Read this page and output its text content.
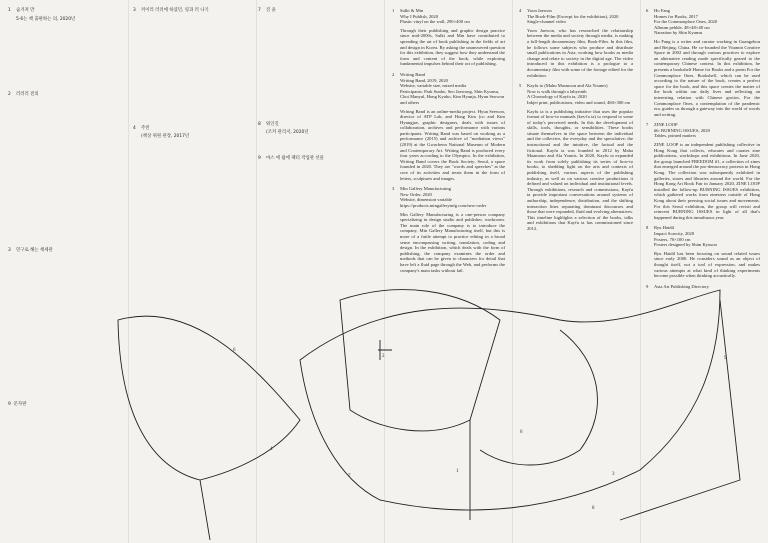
1 숨겨져 만
5-6는 책 출판하는 의, 2020년
2 러러러 전의
3 민구로 해는 책세관
3 커이러 러러에 하셨던, 링과 러 나기
4 주빈
(책상 위원 관장, 2017년
7 진 윤
8 워인길
(조커 관리저, 2020년
9 마스 에 팝에 팩터 작업관 선물
1 Sulki & Min
Why I Publish, 2020
Plastic vinyl on the wall, 290×400 cm
Through their publishing and graphic design practice since mid-2000s, Sulki and Min have contributed to spreading the art of book publishing in the fields of art and design in Korea. By asking the unanswered question for this exhibition, they suggest how they understand the form and content of the book, while exploring fundamental impulses behind their act of publishing.
2 Writing Band
Writing Band, 2019, 2020
Website, variable size, mixed media
Participants: Park Sunho, Seo Jaewong, Shin Kyunsu, Choi Manyul, Hong Kyuho, Kim Hyunja, Hyun Seowon and others
Writing Band is an online-media project. Hyun Seewon, director of ATP Lab, and Hong Kim (co and Kim Hyungjae, graphic designers, deals with issues of collaboration, archives and performance with various participants. Writing Band was based on working as a performance (2015) and archive of "mediation views" (2019) at the Gwacheon National Museum of Modern and Contemporary Art. Writing Band is produced every four years according to the Olympics. In the exhibition, Writing Band covers the Book Society; Seoul, a space founded in 2020. They are "words and speeches" at the core of its activities and treats them in the form of letters, sculptures and images.
3 Min Gallery Manufacturing
New Order, 2020
Website, dimension variable
https://products.mingallerymfg.com/new-order
Min Gallery Manufacturing is a one-person company specializing in design studio and publisher, workroom. The main role of the company is to introduce the company, Min Gallery Manufacturing itself, but this is more of a futile attempt to practice editing in a broad sense encompassing writing, translation, coding and design. In the exhibition, which deals with the form of publishing, the company examines the order and methods that can be given to characters for detail that have left a fluid page through the Web, and performs the company's main tasks without fail.
4 Yoon Jaewon
The Book-Film (Excerpt for the exhibition), 2020
Single-channel video
Yoon Jaewon, who has researched the relationship between the media and society through media, is making a full-length documentary film, Book-Film. In this film, he follows some subjects who produce and distribute small publications in Asia, working how books as media change and relate to society in the digital age. The video introduced in this exhibition is a prologue to a documentary film with some of the footage edited for the exhibition.
5 Kayfu to (Mahu Masmoon and Ala Younes)
Now is walk through a labyrinth
A Chronology of Kayfu ta, 2020
Inkjet print, publications, video and sound, 460×300 cm
Kayfu ta is a publishing initiative that uses the popular format of how-to manuals (kes-fa ta) to respond to some of today's perceived needs. In this the development of skills, tools, thoughts, or sensibilities. These books situate themselves in the space between the individual and the collective, the everyday and the speculative, the instructional and the intuitive, the factual and the fictional. Kayfu ta was founded in 2012 by Maha Maamoun and Ala Younis. In 2020, Kayfu ta expanded its work from solely publishing its series of how-to books, to shedding light on the arts and contexts of publishing itself, various aspects of the publishing industry, as well as on various creative productions it defined and valued on individual and institutional levels. Through exhibitions, research and commissions, Kayfu ta provide important conversations around systems of authorship, independence, distribution, and the shifting interaction lines separating dominant discourses and those that were expanded, fluid and evolving alternatives. This timeline highlights a selection of the books, talks and exhibitions that Kayfu ta has commissioned since 2012.
6 Ho Fang
Homes for Books, 2017
For the Commonplace Ones, 2020
Albrum pebble, 48×48×48 cm
Narration by Shin Kyunsu
Ho Fang is a writer and curator working in Guangzhou and Beijing, China. He co-founded the Vitamin Creative Space in 2002 and through various practices to explore an alternative reading mode specifically geared to the contemporary Chinese context. In this exhibition, he presents a bookshelf Home for Books and a poem For the Commonplace Ones. Bookshelf, which can be used according to the nature of the book, creates a perfect space for the book, and this space creates the matter of the book within our daily lives and reflecting an interesting relation with Chinese grottos. For the Commonplace Ones, a contemplation of the pandemic era, guides us through a gateway into the world of words and writing.
7 ZINE LOOP
#6: BURNING ISSUES, 2020
Tables, printed matters
ZINE LOOP is an independent publishing collective in Hong Kong that collects, educates and curates zine publications, workshops and exhibitions. In June 2020, the group launched FREEDOM #1, a collection of zines that emerged around the pro-democracy protests in Hong Kong. The collection was subsequently exhibited in galleries, stores and libraries around the world. For the Hong Kong Art Book Fair in January 2020, ZINE LOOP installed the follow-up BURNING ISSUES exhibition, which gathered works from zinesters outside of Hong Kong about their pressing social issues and movements. For this Seoul exhibition, the group will revisit and reinvent BURNING ISSUES in light of all that's happened during this tumultuous year.
8 Ryu Haidil
Impact Scarcity, 2020
Posters, 70×100 cm
Posters designed by Shim Kyuson
Ryu Haidil has been focusing on sound related issues since early 2000. He considers sound as an object of thought itself, not a tool of expression, and makes various attempts at what kind of thinking experiments become possible when thinking acoustically.
9 Asia Art Publishing Directory
9 문자판
6
4
7
1
2
6
8
3
9
